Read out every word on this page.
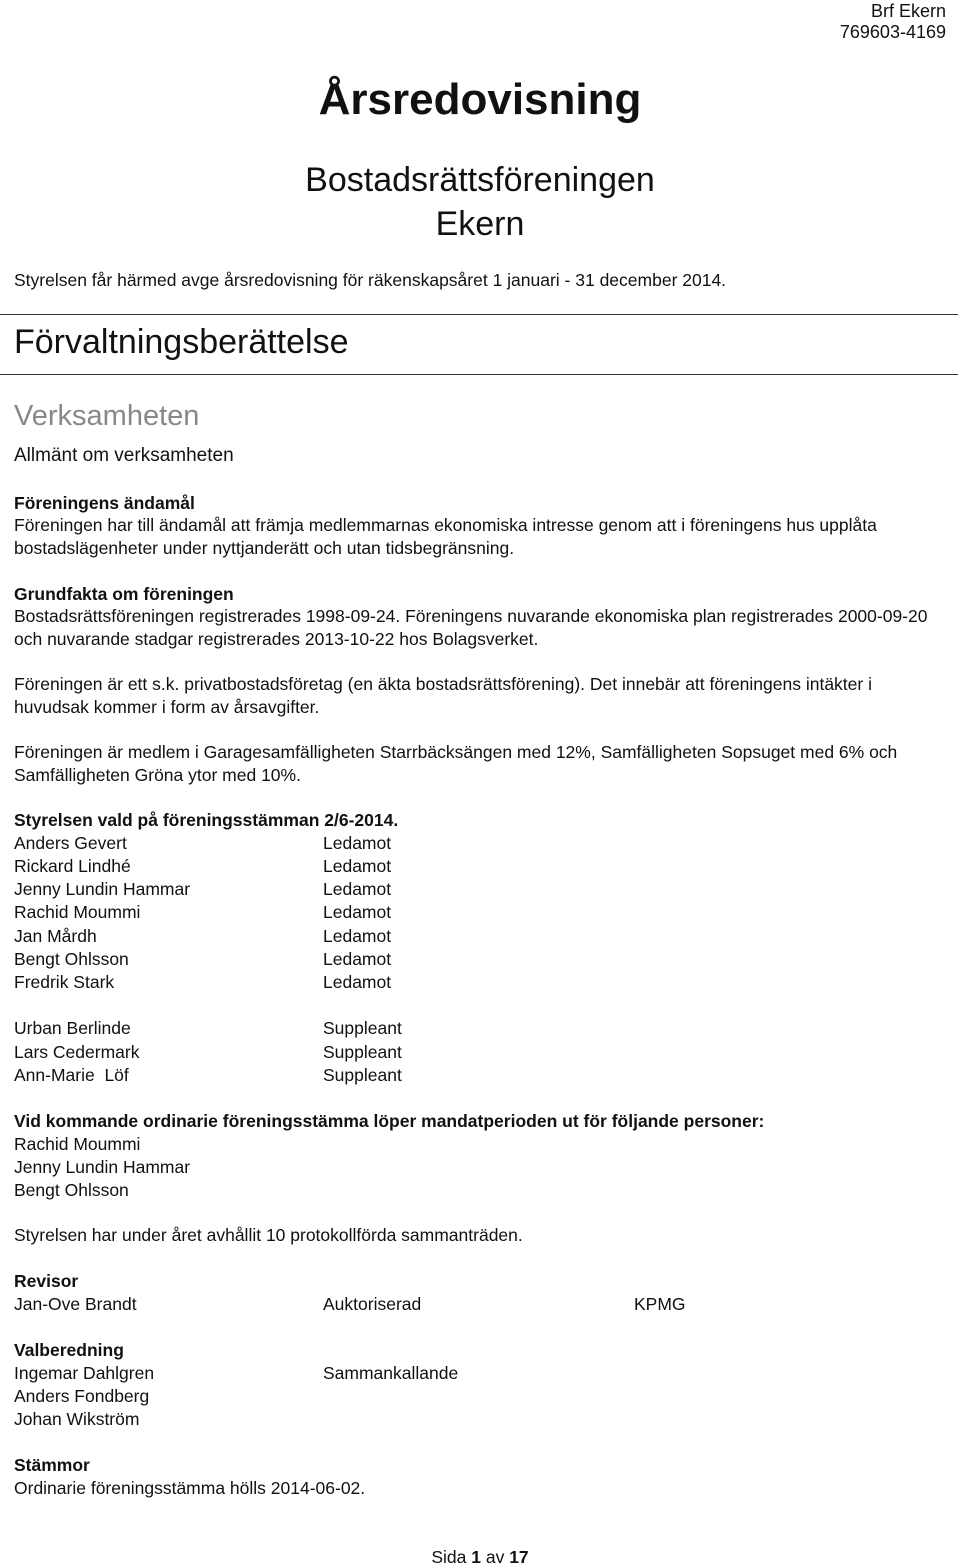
Brf Ekern
769603-4169
Årsredovisning
Bostadsrättsföreningen
Ekern
Styrelsen får härmed avge årsredovisning för räkenskapsåret 1 januari - 31 december 2014.
Förvaltningsberättelse
Verksamheten
Allmänt om verksamheten
Föreningens ändamål
Föreningen har till ändamål att främja medlemmarnas ekonomiska intresse genom att i föreningens hus upplåta
bostadslägenheter under nyttjanderätt och utan tidsbegränsning.
Grundfakta om föreningen
Bostadsrättsföreningen registrerades 1998-09-24. Föreningens nuvarande ekonomiska plan registrerades 2000-09-20
och nuvarande stadgar registrerades 2013-10-22 hos Bolagsverket.
Föreningen är ett s.k. privatbostadsföretag (en äkta bostadsrättsförening). Det innebär att föreningens intäkter i
huvudsak kommer i form av årsavgifter.
Föreningen är medlem i Garagesamfälligheten Starrbäcksängen med 12%, Samfälligheten Sopsuget med 6% och
Samfälligheten Gröna ytor med 10%.
Styrelsen vald på föreningsstämman 2/6-2014.
Anders Gevert	Ledamot
Rickard Lindhé	Ledamot
Jenny Lundin Hammar	Ledamot
Rachid Moummi	Ledamot
Jan Mårdh	Ledamot
Bengt Ohlsson	Ledamot
Fredrik Stark	Ledamot
Urban Berlinde	Suppleant
Lars Cedermark	Suppleant
Ann-Marie  Löf	Suppleant
Vid kommande ordinarie föreningsstämma löper mandatperioden ut för följande personer:
Rachid Moummi
Jenny Lundin Hammar
Bengt Ohlsson
Styrelsen har under året avhållit 10 protokollförda sammanträden.
Revisor
Jan-Ove Brandt	Auktoriserad	KPMG
Valberedning
Ingemar Dahlgren	Sammankallande
Anders Fondberg
Johan Wikström
Stämmor
Ordinarie föreningsstämma hölls 2014-06-02.
Sida 1 av 17
